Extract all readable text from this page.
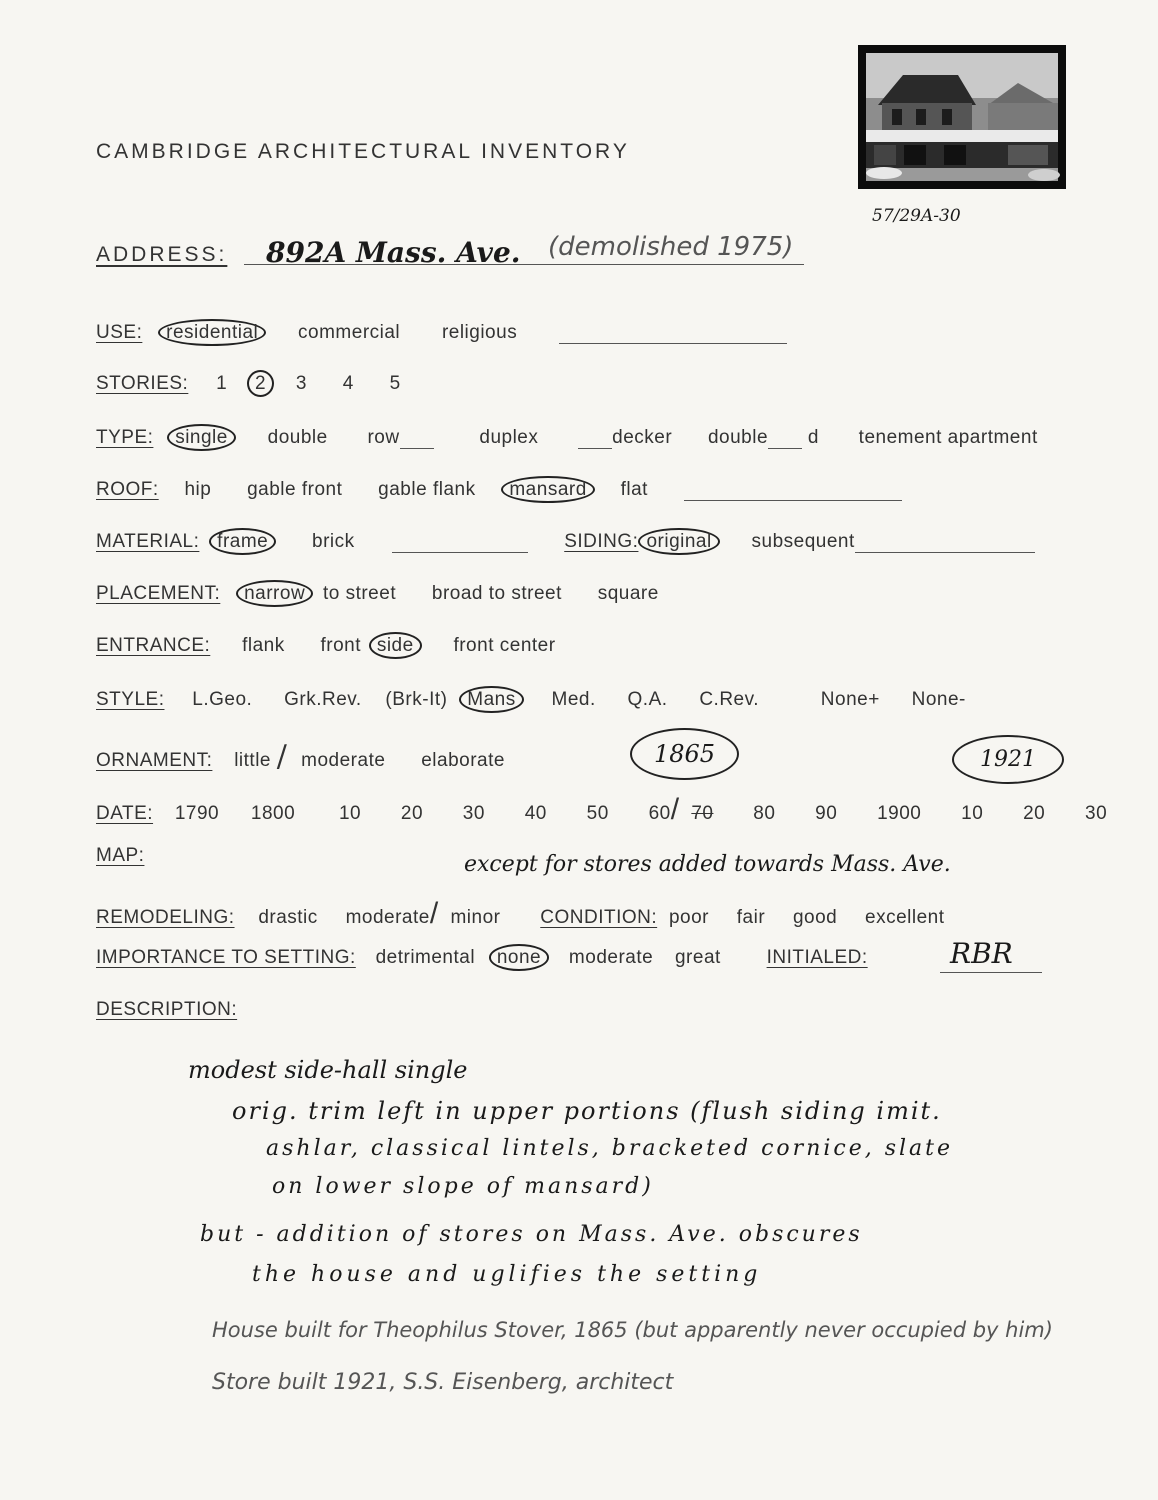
CAMBRIDGE ARCHITECTURAL INVENTORY
57/29A-30
ADDRESS: 892A Mass. Ave. (demolished 1975)
USE: residential commercial religious
STORIES: 1 2 3 4 5
TYPE: single double row	duplex	decker double d tenement apartment
ROOF: hip gable front gable flank mansard flat
MATERIAL: frame brick	SIDING: original subsequent
PLACEMENT: narrow to street broad to street square
ENTRANCE: flank front side front center
STYLE: L.Geo. Grk.Rev. (Brk-It) Mans Med. Q.A. C.Rev.	None+ None-
ORNAMENT: little / moderate elaborate	1865	1921
DATE: 1790 1800 10 20 30 40 50 60/ 70 80 90 1900 10 20 30
MAP:	except for stores added towards Mass. Ave.
REMODELING: drastic moderate/ minor CONDITION: poor fair good excellent
IMPORTANCE TO SETTING: detrimental none moderate great INITIALED:	RBR
DESCRIPTION:
modest side-hall single
orig. trim left in upper portions (flush siding imit.
ashlar, classical lintels, bracketed cornice, slate
on lower slope of mansard)
but - addition of stores on Mass. Ave. obscures
the house and uglifies the setting
House built for Theophilus Stover, 1865 (but apparently never occupied by him)
Store built 1921, S.S. Eisenberg, architect
